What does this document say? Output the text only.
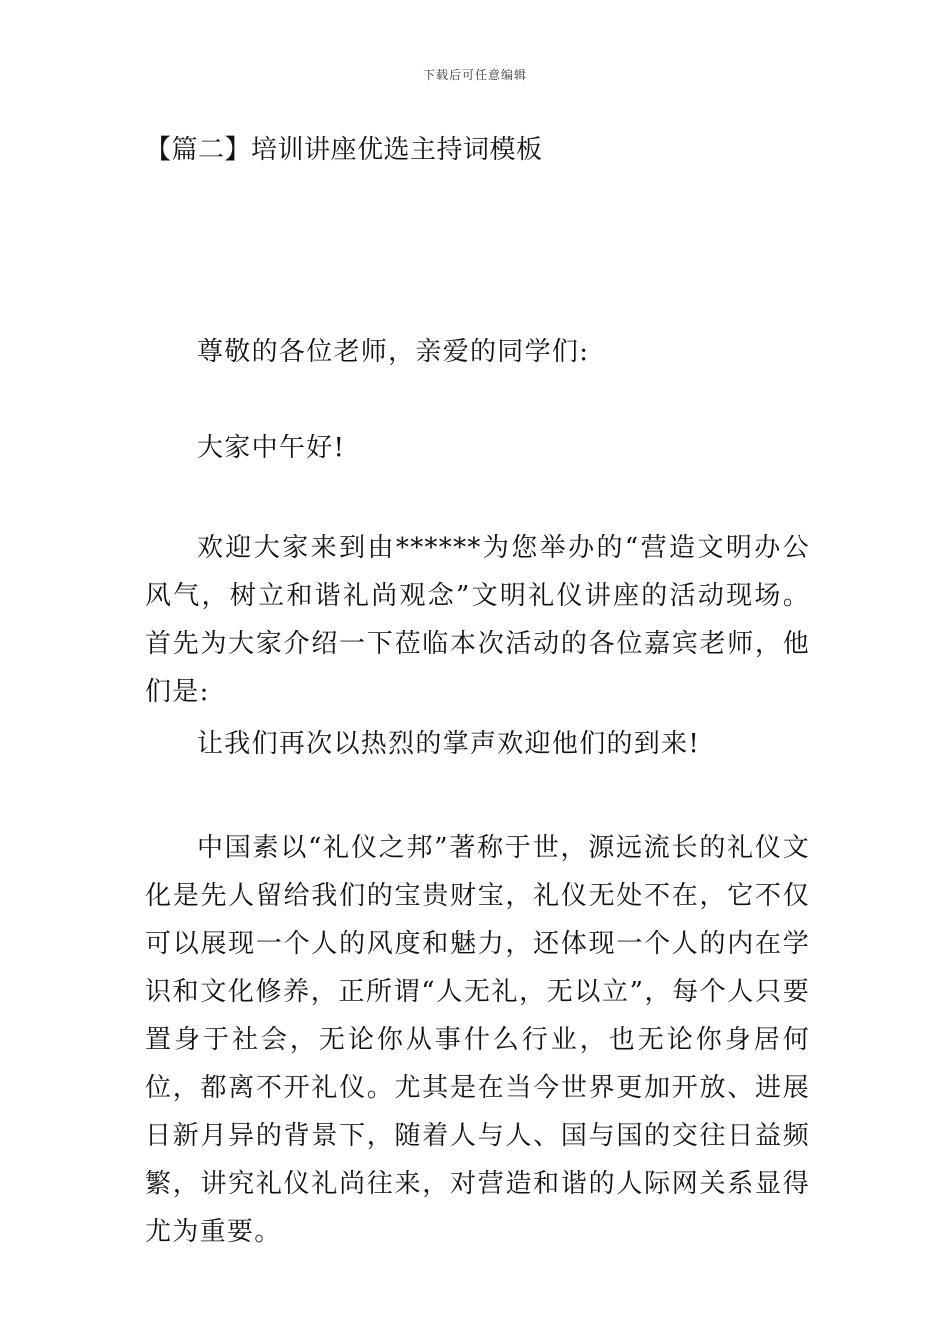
下载后可任意编辑
【篇二】培训讲座优选主持词模板

尊敬的各位老师，亲爱的同学们:

大家中午好!

欢迎大家来到由******为您举办的“营造文明办公风气，树立和谐礼尚观念”文明礼仪讲座的活动现场。首先为大家介绍一下莅临本次活动的各位嘉宾老师，他们是:

让我们再次以热烈的掌声欢迎他们的到来!

中国素以“礼仪之邦”著称于世，源远流长的礼仪文化是先人留给我们的宝贵财宝，礼仪无处不在，它不仅可以展现一个人的风度和魅力，还体现一个人的内在学识和文化修养，正所谓“人无礼，无以立”，每个人只要置身于社会，无论你从事什么行业，也无论你身居何位，都离不开礼仪。尤其是在当今世界更加开放、进展日新月异的背景下，随着人与人、国与国的交往日益频繁，讲究礼仪礼尚往来，对营造和谐的人际网关系显得尤为重要。
